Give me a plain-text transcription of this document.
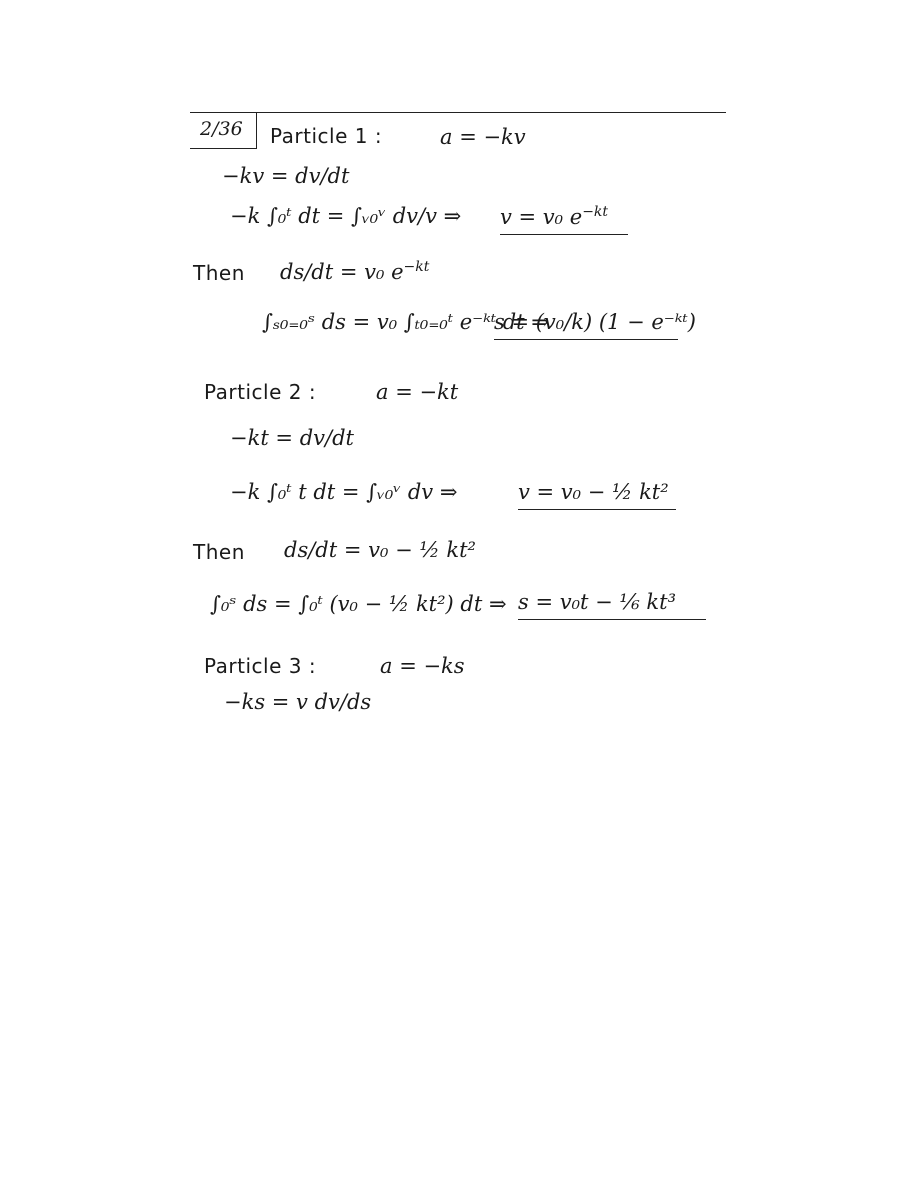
2/36 Particle 1 :	a = −kv
−kv = dv/dt
−k ∫₀ᵗ dt = ∫ᵥ₀ᵛ dv/v ⇒ v = v₀ $e^{-kt}$
Then ds/dt = v₀ $e^{-kt}$
∫ₛ₀₌₀ˢ ds = v₀ ∫ₜ₀₌₀ᵗ e⁻ᵏᵗ dt ⇒
s = (v₀/k) (1 − e⁻ᵏᵗ)
Particle 2 :	a = −kt
−kt = dv/dt
−k ∫₀ᵗ t dt = ∫ᵥ₀ᵛ dv ⇒	v = v₀ − ½ kt²
Then ds/dt = v₀ − ½ kt²
∫₀ˢ ds = ∫₀ᵗ (v₀ − ½ kt²) dt ⇒ s = v₀t − ⅙ kt³
Particle 3 :	a = −ks
−ks = v dv/ds
